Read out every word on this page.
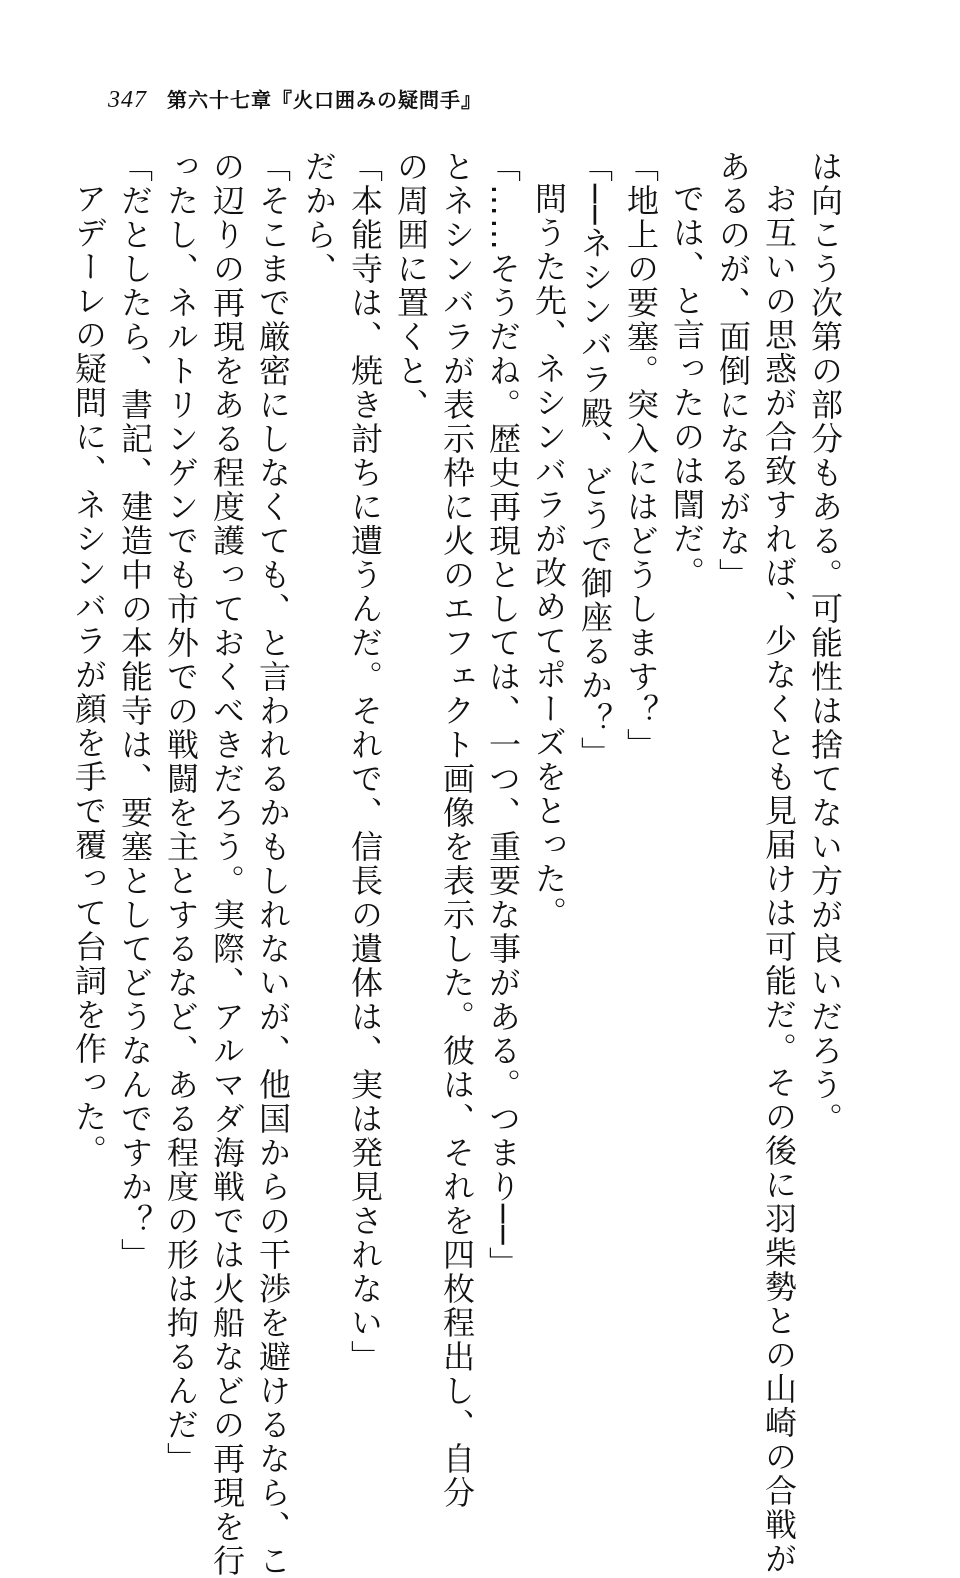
347 第六十七章『火口囲みの疑問手』

は向こう次第の部分もある。可能性は捨てない方が良いだろう。

お互いの思惑が合致すれば、少なくとも見届けは可能だ。その後に羽柴勢との山崎の合戦が

あるのが、面倒になるがな」

では、と言ったのは誾だ。

「地上の要塞。突入にはどうします？」

「──ネシンバラ殿、どうで御座るか？」

問うた先、ネシンバラが改めてポーズをとった。

「……そうだね。歴史再現としては、一つ、重要な事がある。つまり──」

とネシンバラが表示枠に火のエフェクト画像を表示した。彼は、それを四枚程出し、自分

の周囲に置くと、

「本能寺は、焼き討ちに遭うんだ。それで、信長の遺体は、実は発見されない」

だから、

「そこまで厳密にしなくても、と言われるかもしれないが、他国からの干渉を避けるなら、こ

の辺りの再現をある程度護っておくべきだろう。実際、アルマダ海戦では火船などの再現を行

ったし、ネルトリンゲンでも市外での戦闘を主とするなど、ある程度の形は拘るんだ」

「だとしたら、書記、建造中の本能寺は、要塞としてどうなんですか？」

アデーレの疑問に、ネシンバラが顔を手で覆って台詞を作った。
